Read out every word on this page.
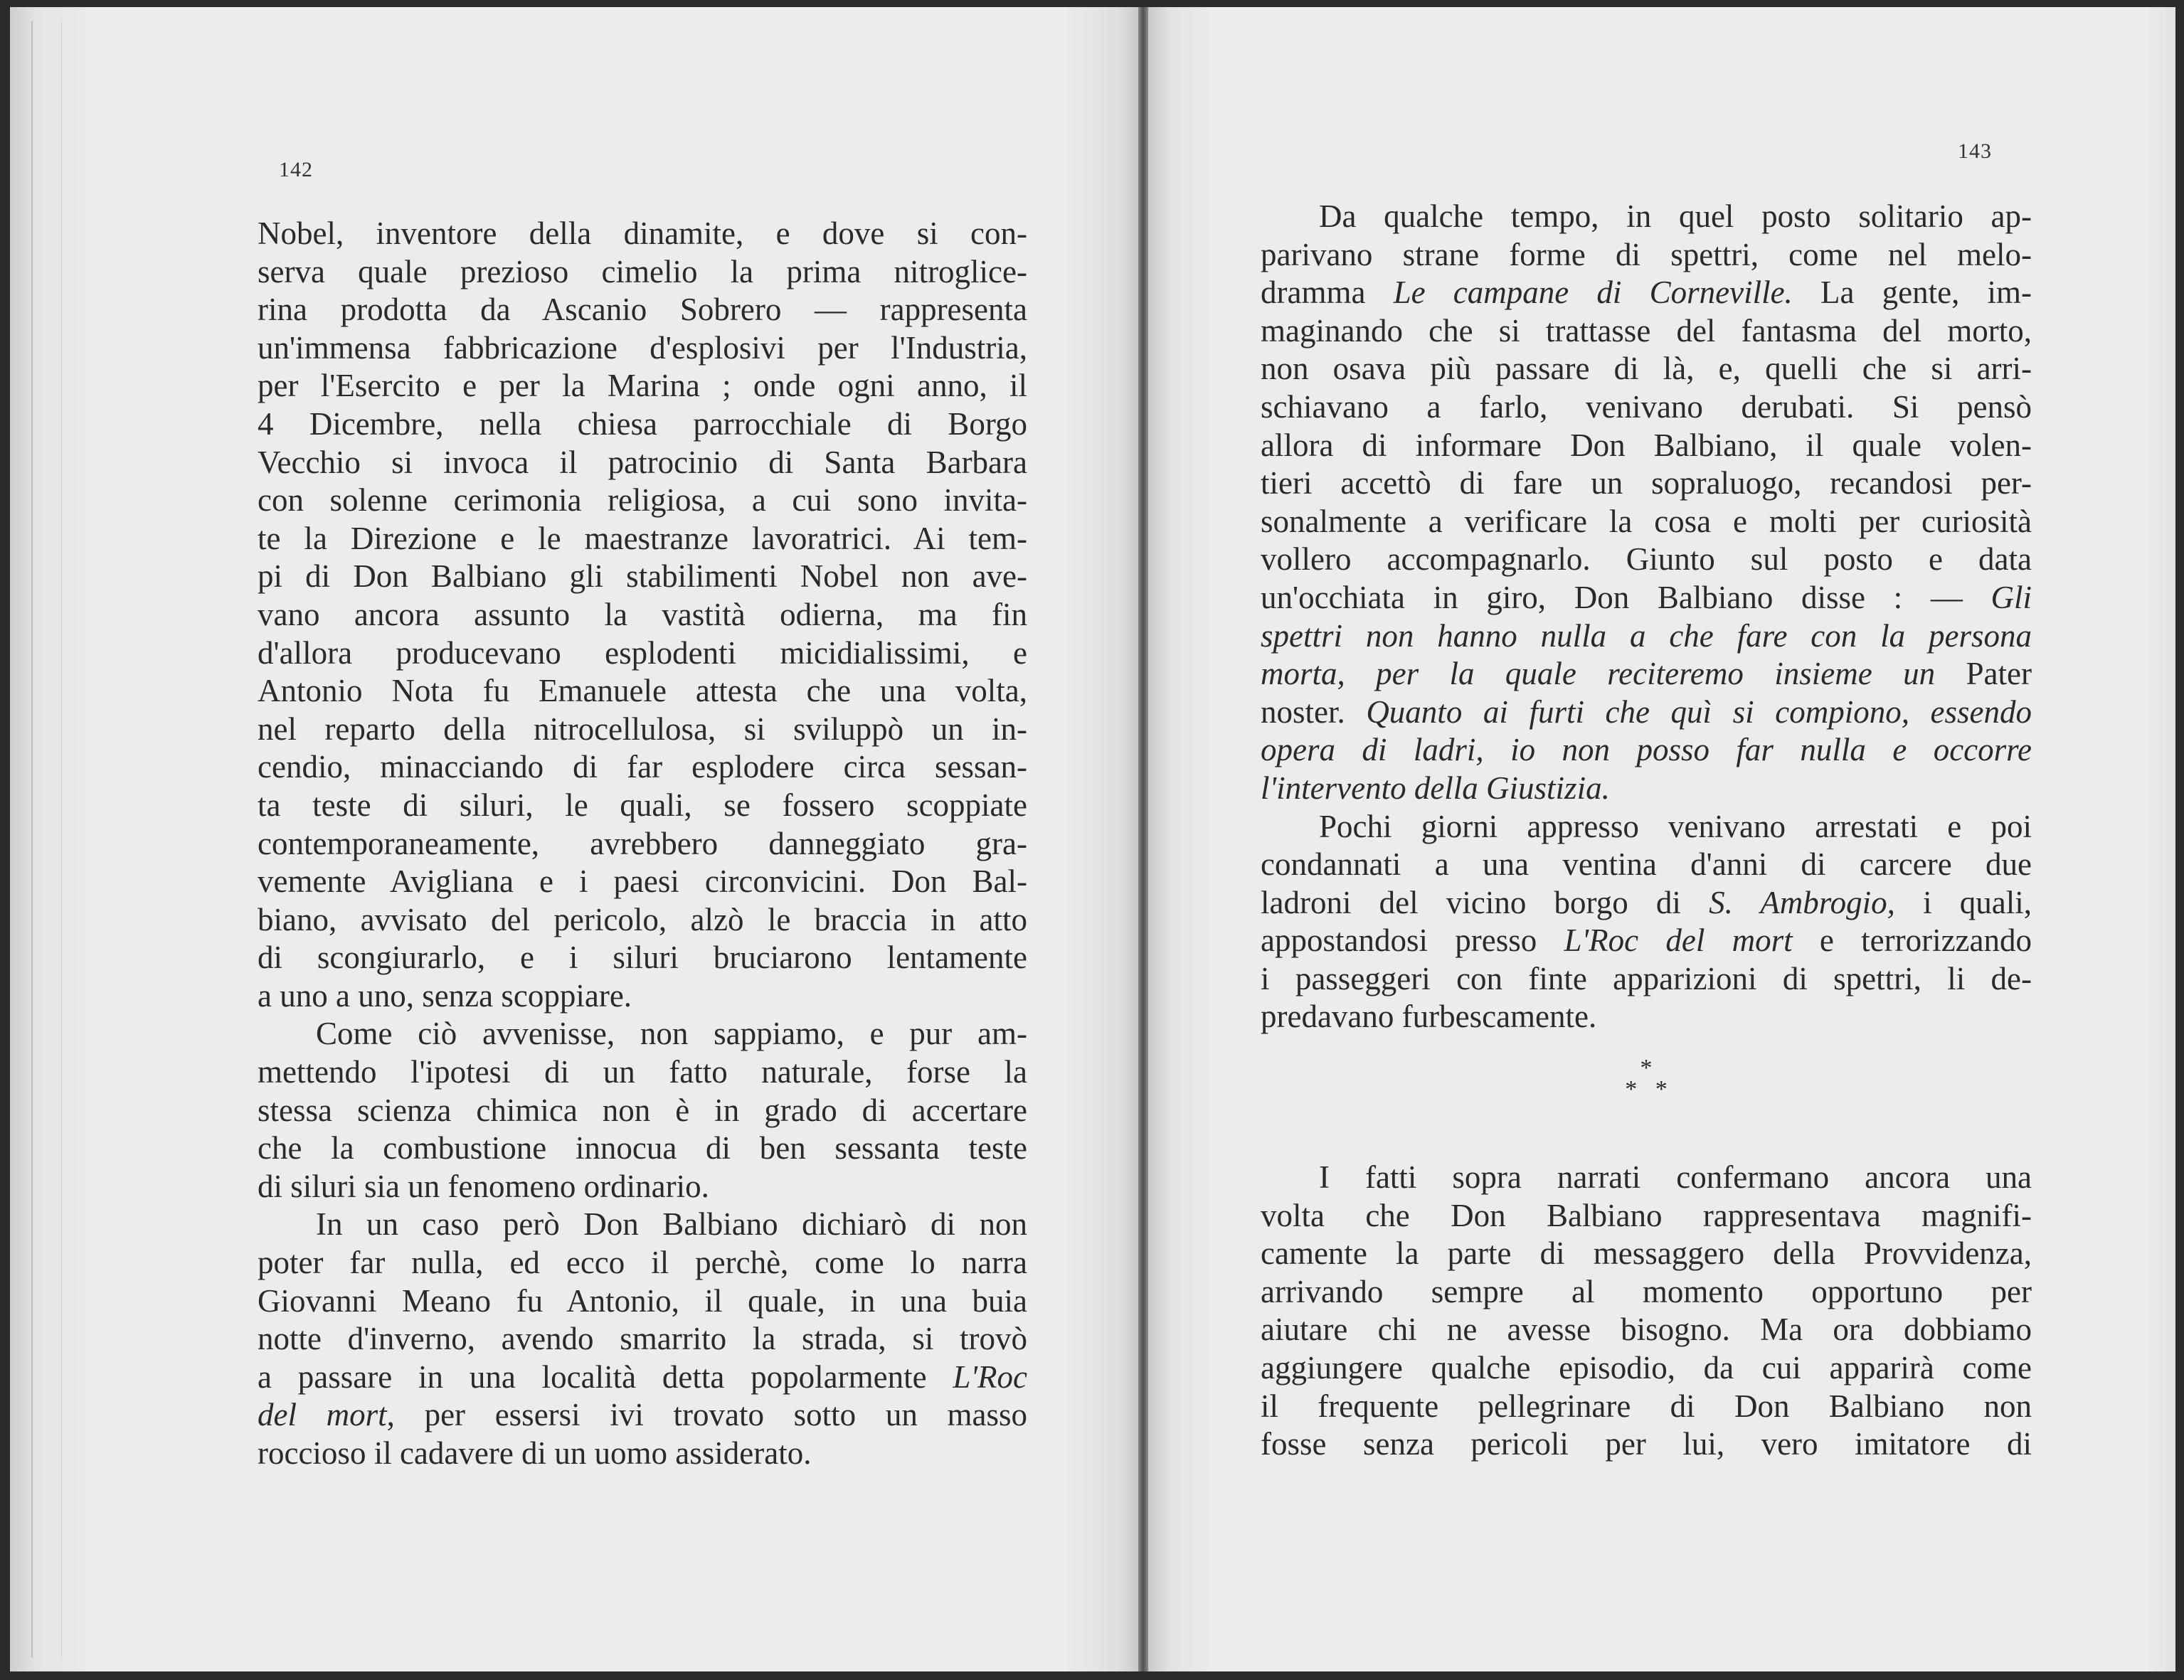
142
Nobel, inventore della dinamite, e dove si con-
serva quale prezioso cimelio la prima nitroglice-
rina prodotta da Ascanio Sobrero — rappresenta
un'immensa fabbricazione d'esplosivi per l'Industria,
per l'Esercito e per la Marina ; onde ogni anno, il
4 Dicembre, nella chiesa parrocchiale di Borgo
Vecchio si invoca il patrocinio di Santa Barbara
con solenne cerimonia religiosa, a cui sono invita-
te la Direzione e le maestranze lavoratrici. Ai tem-
pi di Don Balbiano gli stabilimenti Nobel non ave-
vano ancora assunto la vastità odierna, ma fin
d'allora producevano esplodenti micidialissimi, e
Antonio Nota fu Emanuele attesta che una volta,
nel reparto della nitrocellulosa, si sviluppò un in-
cendio, minacciando di far esplodere circa sessan-
ta teste di siluri, le quali, se fossero scoppiate
contemporaneamente, avrebbero danneggiato gra-
vemente Avigliana e i paesi circonvicini. Don Bal-
biano, avvisato del pericolo, alzò le braccia in atto
di scongiurarlo, e i siluri bruciarono lentamente
a uno a uno, senza scoppiare.
Come ciò avvenisse, non sappiamo, e pur am-
mettendo l'ipotesi di un fatto naturale, forse la
stessa scienza chimica non è in grado di accertare
che la combustione innocua di ben sessanta teste
di siluri sia un fenomeno ordinario.
In un caso però Don Balbiano dichiarò di non
poter far nulla, ed ecco il perchè, come lo narra
Giovanni Meano fu Antonio, il quale, in una buia
notte d'inverno, avendo smarrito la strada, si trovò
a passare in una località detta popolarmente L'Roc
del mort, per essersi ivi trovato sotto un masso
roccioso il cadavere di un uomo assiderato.
143
Da qualche tempo, in quel posto solitario ap-
parivano strane forme di spettri, come nel melo-
dramma Le campane di Corneville. La gente, im-
maginando che si trattasse del fantasma del morto,
non osava più passare di là, e, quelli che si arri-
schiavano a farlo, venivano derubati. Si pensò
allora di informare Don Balbiano, il quale volen-
tieri accettò di fare un sopraluogo, recandosi per-
sonalmente a verificare la cosa e molti per curiosità
vollero accompagnarlo. Giunto sul posto e data
un'occhiata in giro, Don Balbiano disse : — Gli
spettri non hanno nulla a che fare con la persona
morta, per la quale reciteremo insieme un Pater
noster. Quanto ai furti che quì si compiono, essendo
opera di ladri, io non posso far nulla e occorre
l'intervento della Giustizia.
Pochi giorni appresso venivano arrestati e poi
condannati a una ventina d'anni di carcere due
ladroni del vicino borgo di S. Ambrogio, i quali,
appostandosi presso L'Roc del mort e terrorizzando
i passeggeri con finte apparizioni di spettri, li de-
predavano furbescamente.
*
*   *
I fatti sopra narrati confermano ancora una
volta che Don Balbiano rappresentava magnifi-
camente la parte di messaggero della Provvidenza,
arrivando sempre al momento opportuno per
aiutare chi ne avesse bisogno. Ma ora dobbiamo
aggiungere qualche episodio, da cui apparirà come
il frequente pellegrinare di Don Balbiano non
fosse senza pericoli per lui, vero imitatore di
